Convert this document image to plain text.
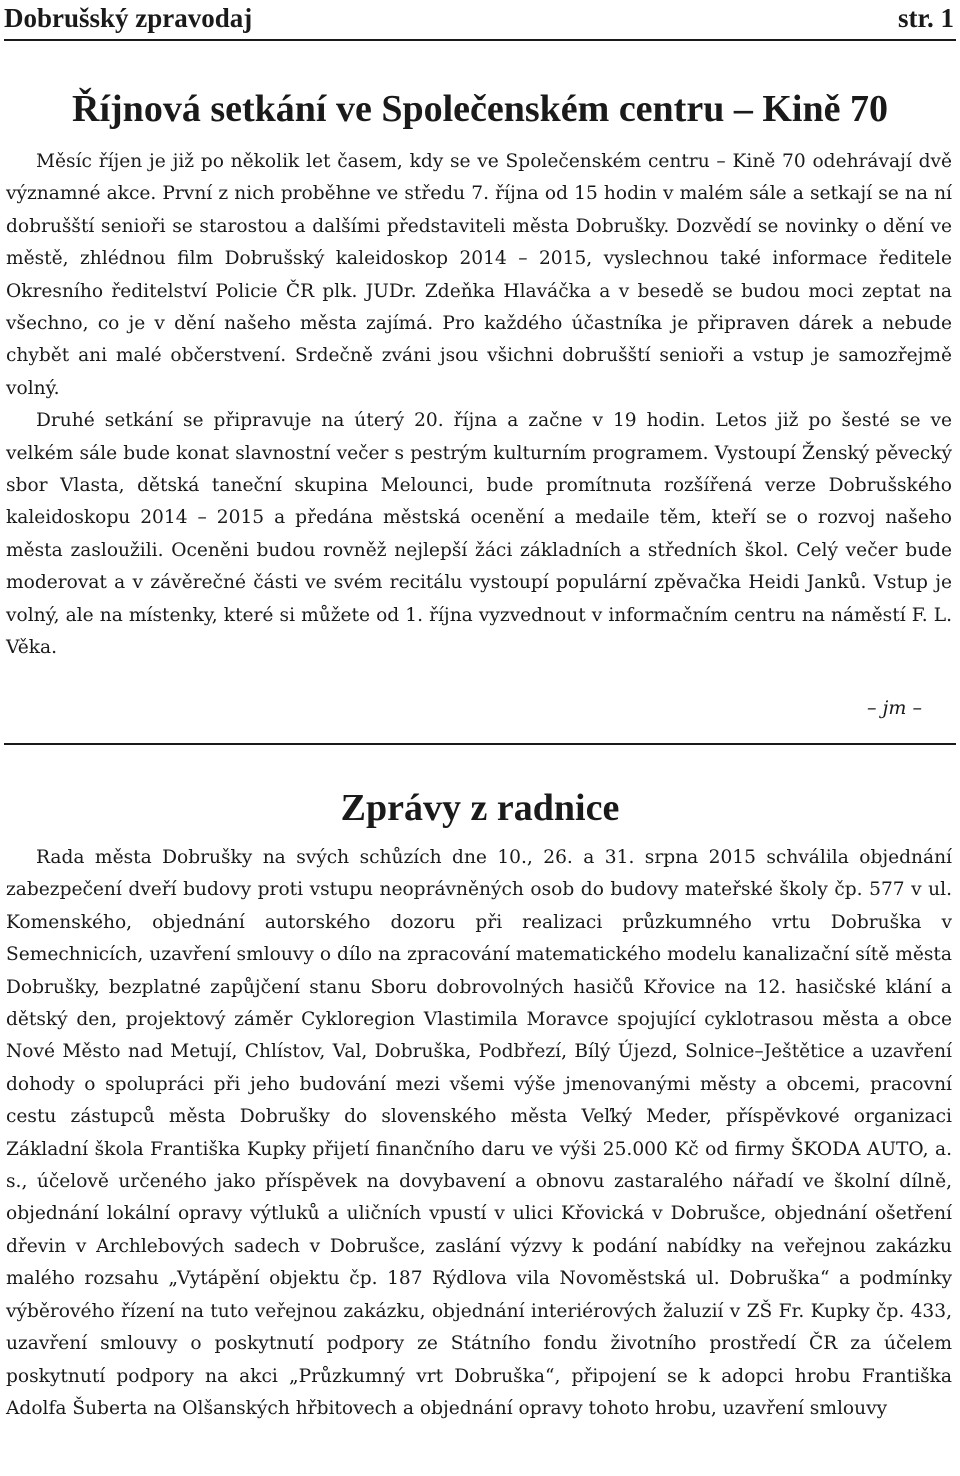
Dobrušský zpravodaj	str. 1
Říjnová setkání ve Společenském centru – Kině 70

Měsíc říjen je již po několik let časem, kdy se ve Společenském centru – Kině 70 odehrávají dvě významné akce. První z nich proběhne ve středu 7. října od 15 hodin v malém sále a setkají se na ní dobrušští senioři se starostou a dalšími představiteli města Dobrušky. Dozvědí se novinky o dění ve městě, zhlédnou film Dobrušský kaleidoskop 2014 – 2015, vyslechnou také informace ředitele Okresního ředitelství Policie ČR plk. JUDr. Zdeňka Hlaváčka a v besedě se budou moci zeptat na všechno, co je v dění našeho města zajímá. Pro každého účastníka je připraven dárek a nebude chybět ani malé občerstvení. Srdečně zváni jsou všichni dobrušští senioři a vstup je samozřejmě volný.

Druhé setkání se připravuje na úterý 20. října a začne v 19 hodin. Letos již po šesté se ve velkém sále bude konat slavnostní večer s pestrým kulturním programem. Vystoupí Ženský pěvecký sbor Vlasta, dětská taneční skupina Melounci, bude promítnuta rozšířená verze Dobrušského kaleidoskopu 2014 – 2015 a předána městská ocenění a medaile těm, kteří se o rozvoj našeho města zasloužili. Oceněni budou rovněž nejlepší žáci základních a středních škol. Celý večer bude moderovat a v závěrečné části ve svém recitálu vystoupí populární zpěvačka Heidi Janků. Vstup je volný, ale na místenky, které si můžete od 1. října vyzvednout v informačním centru na náměstí F. L. Věka.

– jm –
Zprávy z radnice

Rada města Dobrušky na svých schůzích dne 10., 26. a 31. srpna 2015 schválila objednání zabezpečení dveří budovy proti vstupu neoprávněných osob do budovy mateřské školy čp. 577 v ul. Komenského, objednání autorského dozoru při realizaci průzkumného vrtu Dobruška v Semechnicích, uzavření smlouvy o dílo na zpracování matematického modelu kanalizační sítě města Dobrušky, bezplatné zapůjčení stanu Sboru dobrovolných hasičů Křovice na 12. hasičské klání a dětský den, projektový záměr Cykloregion Vlastimila Moravce spojující cyklotrasou města a obce Nové Město nad Metují, Chlístov, Val, Dobruška, Podbřezí, Bílý Újezd, Solnice–Ještětice a uzavření dohody o spolupráci při jeho budování mezi všemi výše jmenovanými městy a obcemi, pracovní cestu zástupců města Dobrušky do slovenského města Veľký Meder, příspěvkové organizaci Základní škola Františka Kupky přijetí finančního daru ve výši 25.000 Kč od firmy ŠKODA AUTO, a. s., účelově určeného jako příspěvek na dovybavení a obnovu zastaralého nářadí ve školní dílně, objednání lokální opravy výtluků a uličních vpustí v ulici Křovická v Dobrušce, objednání ošetření dřevin v Archlebových sadech v Dobrušce, zaslání výzvy k podání nabídky na veřejnou zakázku malého rozsahu „Vytápění objektu čp. 187 Rýdlova vila Novoměstská ul. Dobruška“ a podmínky výběrového řízení na tuto veřejnou zakázku, objednání interiérových žaluzií v ZŠ Fr. Kupky čp. 433, uzavření smlouvy o poskytnutí podpory ze Státního fondu životního prostředí ČR za účelem poskytnutí podpory na akci „Průzkumný vrt Dobruška“, připojení se k adopci hrobu Františka Adolfa Šuberta na Olšanských hřbitovech a objednání opravy tohoto hrobu, uzavření smlouvy
